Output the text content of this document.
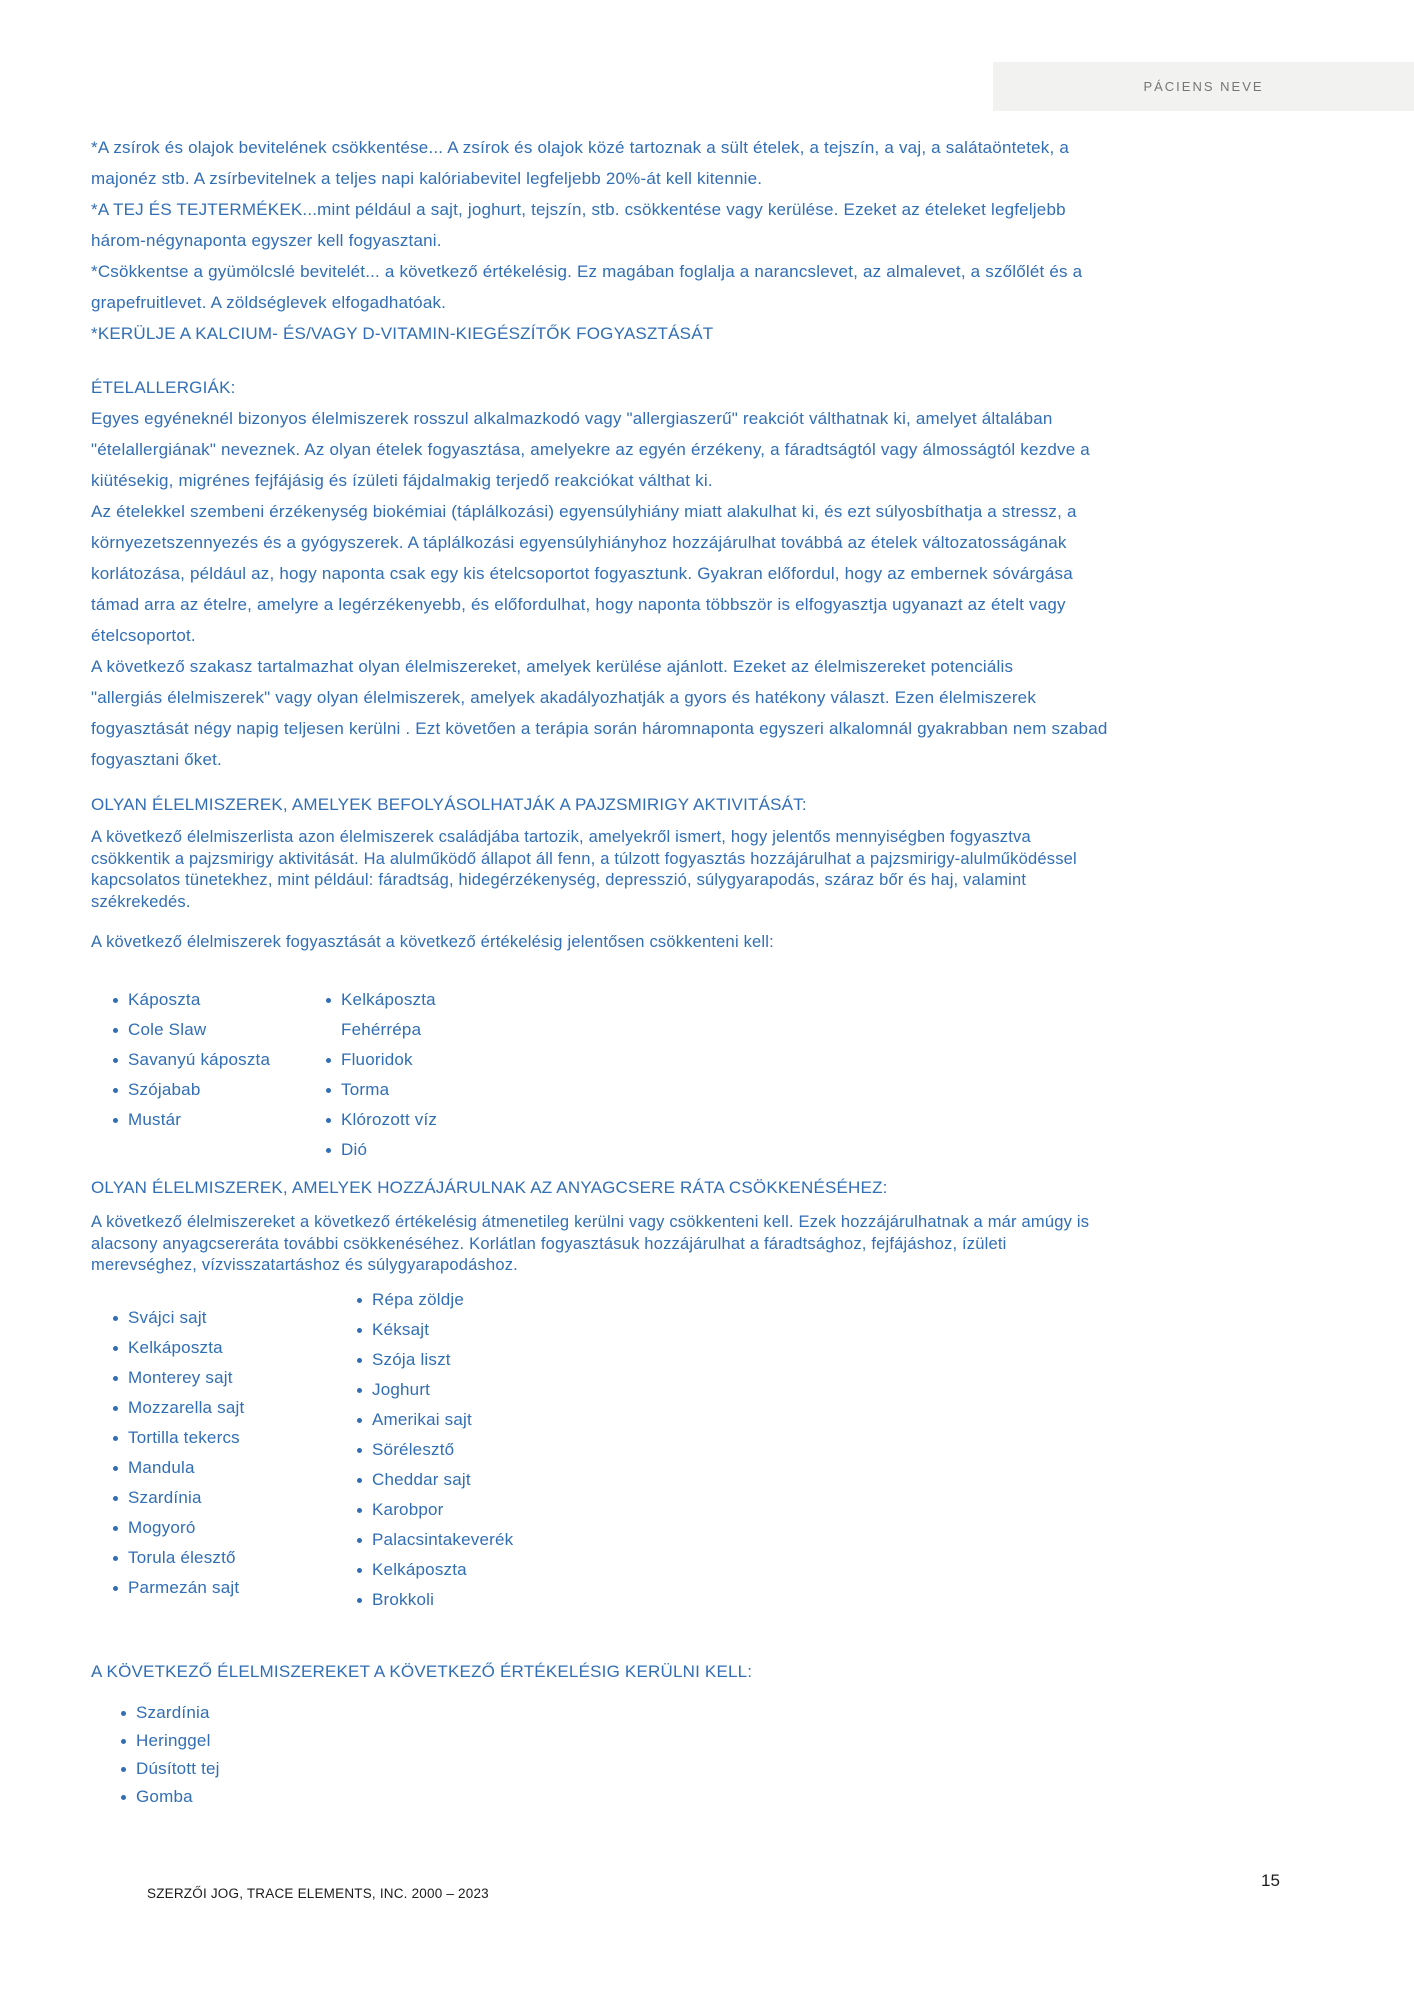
PÁCIENS NEVE
*A zsírok és olajok bevitelének csökkentése... A zsírok és olajok közé tartoznak a sült ételek, a tejszín, a vaj, a salátaöntetek, a
majonéz stb. A zsírbevitelnek a teljes napi kalóriabevitel legfeljebb 20%-át kell kitennie.
*A TEJ ÉS TEJTERMÉKEK...mint például a sajt, joghurt, tejszín, stb. csökkentése vagy kerülése. Ezeket az ételeket legfeljebb
három-négynaponta egyszer kell fogyasztani.
*Csökkentse a gyümölcslé bevitelét... a következő értékelésig. Ez magában foglalja a narancslevet, az almalevet, a szőlőlét és a
grapefruitlevet. A zöldséglevek elfogadhatóak.
*KERÜLJE A KALCIUM- ÉS/VAGY D-VITAMIN-KIEGÉSZÍTŐK FOGYASZTÁSÁT
ÉTELALLERGIÁK:
Egyes egyéneknél bizonyos élelmiszerek rosszul alkalmazkodó vagy "allergiaszerű" reakciót válthatnak ki, amelyet általában
"ételallergiának" neveznek. Az olyan ételek fogyasztása, amelyekre az egyén érzékeny, a fáradtságtól vagy álmosságtól kezdve a
kiütésekig, migrénes fejfájásig és ízületi fájdalmakig terjedő reakciókat válthat ki.
Az ételekkel szembeni érzékenység biokémiai (táplálkozási) egyensúlyhiány miatt alakulhat ki, és ezt súlyosbíthatja a stressz, a
környezetszennyezés és a gyógyszerek. A táplálkozási egyensúlyhiányhoz hozzájárulhat továbbá az ételek változatosságának
korlátozása, például az, hogy naponta csak egy kis ételcsoportot fogyasztunk. Gyakran előfordul, hogy az embernek sóvárgása
támad arra az ételre, amelyre a legérzékenyebb, és előfordulhat, hogy naponta többször is elfogyasztja ugyanazt az ételt vagy
ételcsoportot.
A következő szakasz tartalmazhat olyan élelmiszereket, amelyek kerülése ajánlott. Ezeket az élelmiszereket potenciális
"allergiás élelmiszerek" vagy olyan élelmiszerek, amelyek akadályozhatják a gyors és hatékony választ. Ezen élelmiszerek
fogyasztását négy napig teljesen kerülni . Ezt követően a terápia során háromnaponta egyszeri alkalomnál gyakrabban nem szabad
fogyasztani őket.
OLYAN ÉLELMISZEREK, AMELYEK BEFOLYÁSOLHATJÁK A PAJZSMIRIGY AKTIVITÁSÁT:
A következő élelmiszerlista azon élelmiszerek családjába tartozik, amelyekről ismert, hogy jelentős mennyiségben fogyasztva
csökkentik a pajzsmirigy aktivitását. Ha alulműködő állapot áll fenn, a túlzott fogyasztás hozzájárulhat a pajzsmirigy-alulműködéssel
kapcsolatos tünetekhez, mint például: fáradtság, hidegérzékenység, depresszió, súlygyarapodás, száraz bőr és haj, valamint
székrekedés.
A következő élelmiszerek fogyasztását a következő értékelésig jelentősen csökkenteni kell:
Káposzta
Cole Slaw
Savanyú káposzta
Szójabab
Mustár
Kelkáposzta
Fehérrépa
Fluoridok
Torma
Klórozott víz
Dió
OLYAN ÉLELMISZEREK, AMELYEK HOZZÁJÁRULNAK AZ ANYAGCSERE RÁTA CSÖKKENÉSÉHEZ:
A következő élelmiszereket a következő értékelésig átmenetileg kerülni vagy csökkenteni kell. Ezek hozzájárulhatnak a már amúgy is
alacsony anyagcsereráta további csökkenéséhez. Korlátlan fogyasztásuk hozzájárulhat a fáradtsághoz, fejfájáshoz, ízületi
merevséghez, vízvisszatartáshoz és súlygyarapodáshoz.
Svájci sajt
Kelkáposzta
Monterey sajt
Mozzarella sajt
Tortilla tekercs
Mandula
Szardínia
Mogyoró
Torula élesztő
Parmezán sajt
Répa zöldje
Kéksajt
Szója liszt
Joghurt
Amerikai sajt
Sörélesztő
Cheddar sajt
Karobpor
Palacsintakeverék
Kelkáposzta
Brokkoli
A KÖVETKEZŐ ÉLELMISZEREKET A KÖVETKEZŐ ÉRTÉKELÉSIG KERÜLNI KELL:
Szardínia
Heringgel
Dúsított tej
Gomba
SZERZŐI JOG, TRACE ELEMENTS, INC. 2000 – 2023
15
